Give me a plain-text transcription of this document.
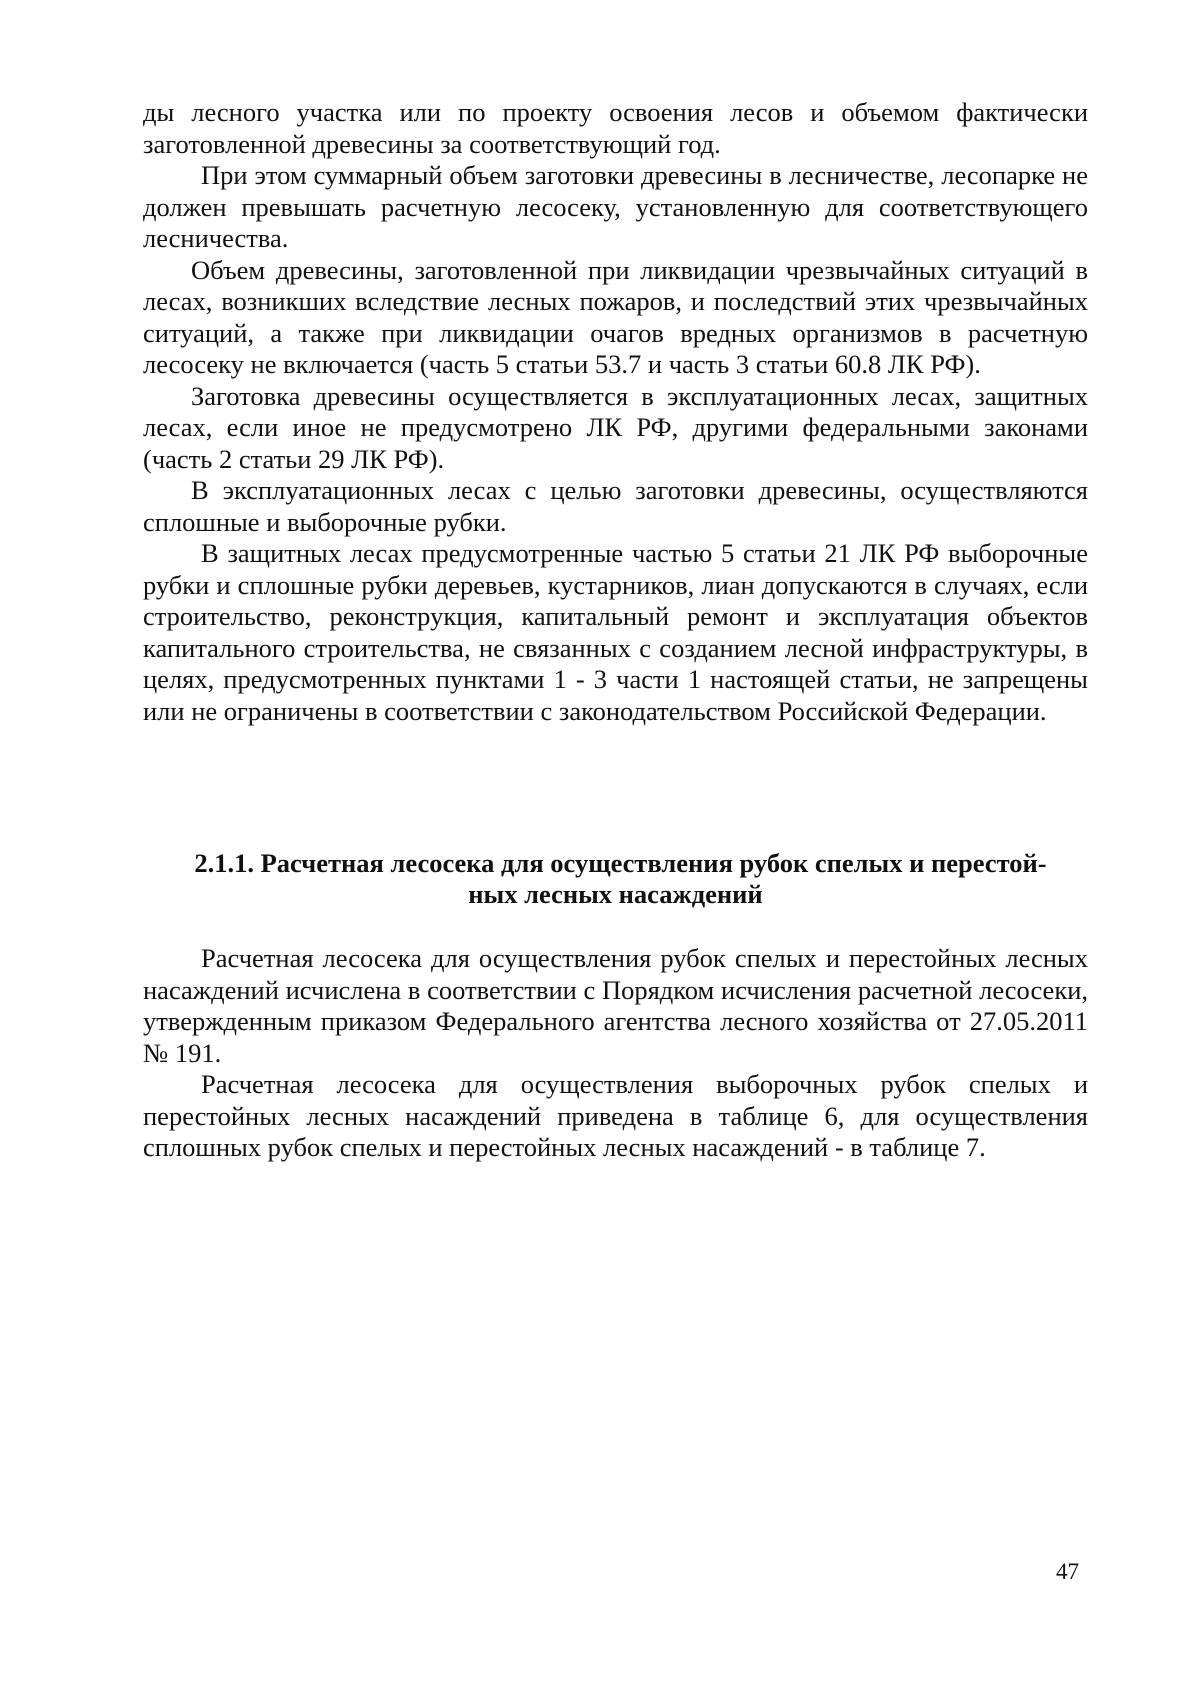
ды лесного участка или по проекту освоения лесов и объемом фактически заготовленной древесины за соответствующий год.

При этом суммарный объем заготовки древесины в лесничестве, лесопарке не должен превышать расчетную лесосеку, установленную для соответствующего лесничества.

Объем древесины, заготовленной при ликвидации чрезвычайных ситуаций в лесах, возникших вследствие лесных пожаров, и последствий этих чрезвычайных ситуаций, а также при ликвидации очагов вредных организмов в расчетную лесосеку не включается (часть 5 статьи 53.7 и часть 3 статьи 60.8 ЛК РФ).

Заготовка древесины осуществляется в эксплуатационных лесах, защитных лесах, если иное не предусмотрено ЛК РФ, другими федеральными законами (часть 2 статьи 29 ЛК РФ).

В эксплуатационных лесах с целью заготовки древесины, осуществляются сплошные и выборочные рубки.

В защитных лесах предусмотренные частью 5 статьи 21 ЛК РФ выборочные рубки и сплошные рубки деревьев, кустарников, лиан допускаются в случаях, если строительство, реконструкция, капитальный ремонт и эксплуатация объектов капитального строительства, не связанных с созданием лесной инфраструктуры, в целях, предусмотренных пунктами 1 - 3 части 1 настоящей статьи, не запрещены или не ограничены в соответствии с законодательством Российской Федерации.

2.1.1. Расчетная лесосека для осуществления рубок спелых и перестой-
ных лесных насаждений

Расчетная лесосека для осуществления рубок спелых и перестойных лесных насаждений исчислена в соответствии с Порядком исчисления расчетной лесосеки, утвержденным приказом Федерального агентства лесного хозяйства от 27.05.2011 № 191.

Расчетная лесосека для осуществления выборочных рубок спелых и перестойных лесных насаждений приведена в таблице 6, для осуществления сплошных рубок спелых и перестойных лесных насаждений - в таблице 7.

47
